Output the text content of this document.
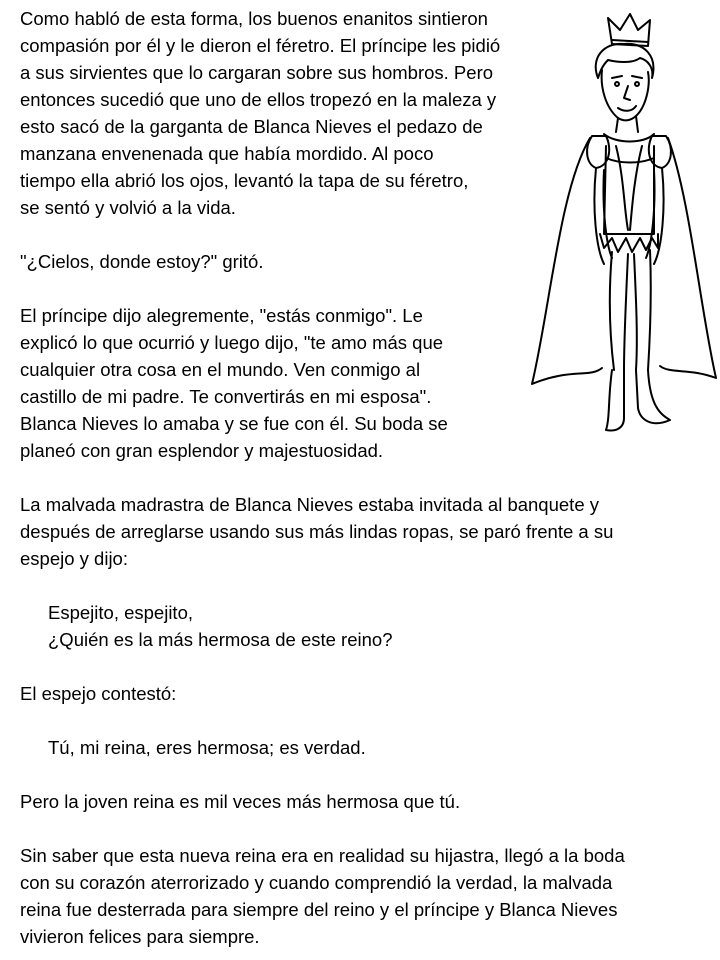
Como habló de esta forma, los buenos enanitos sintieron

compasión por él y le dieron el féretro. El príncipe les pidió

a sus sirvientes que lo cargaran sobre sus hombros. Pero

entonces sucedió que uno de ellos tropezó en la maleza y

esto sacó de la garganta de Blanca Nieves el pedazo de

manzana envenenada que había mordido. Al poco

tiempo ella abrió los ojos, levantó la tapa de su féretro,

se sentó y volvió a la vida.

"¿Cielos, donde estoy?" gritó.

El príncipe dijo alegremente, "estás conmigo". Le

explicó lo que ocurrió y luego dijo, "te amo más que

cualquier otra cosa en el mundo. Ven conmigo al

castillo de mi padre. Te convertirás en mi esposa".

Blanca Nieves lo amaba y se fue con él. Su boda se

planeó con gran esplendor y majestuosidad.

La malvada madrastra de Blanca Nieves estaba invitada al banquete y

después de arreglarse usando sus más lindas ropas, se paró frente a su

espejo y dijo:

Espejito, espejito,

¿Quién es la más hermosa de este reino?

El espejo contestó:

Tú, mi reina, eres hermosa; es verdad.

Pero la joven reina es mil veces más hermosa que tú.

Sin saber que esta nueva reina era en realidad su hijastra, llegó a la boda

con su corazón aterrorizado y cuando comprendió la verdad, la malvada

reina fue desterrada para siempre del reino y el príncipe y Blanca Nieves

vivieron felices para siempre.
